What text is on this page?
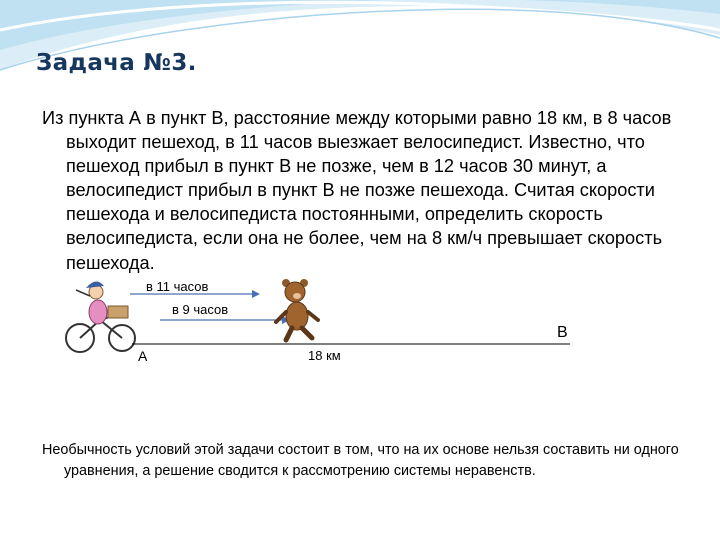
Задача №3.
Из пункта А в пункт В, расстояние между которыми равно 18 км, в 8 часов выходит пешеход, в 11 часов выезжает велосипедист. Известно, что пешеход прибыл в пункт В не позже, чем в 12 часов 30 минут, а велосипедист прибыл в пункт В не позже пешехода. Считая скорости пешехода и велосипедиста постоянными, определить скорость велосипедиста, если она не более, чем на 8 км/ч превышает скорость пешехода.
в 11 часов
в 9 часов
А
В
18 км
Необычность условий этой задачи состоит в том, что на их основе нельзя составить ни одного уравнения, а решение сводится к рассмотрению системы неравенств.
